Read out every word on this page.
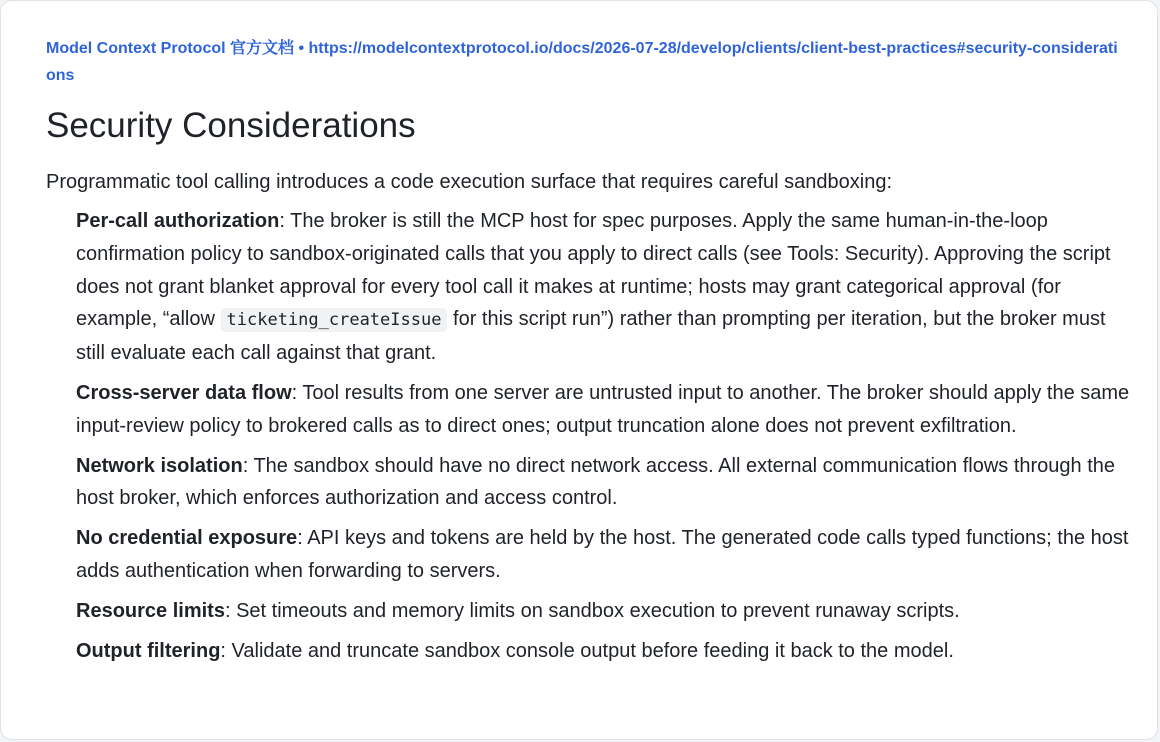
Model Context Protocol 官方文档 • https://modelcontextprotocol.io/docs/2026-07-28/develop/clients/client-best-practices#security-considerations
Security Considerations

Programmatic tool calling introduces a code execution surface that requires careful sandboxing:

Per-call authorization: The broker is still the MCP host for spec purposes. Apply the same human-in-the-loop confirmation policy to sandbox-originated calls that you apply to direct calls (see Tools: Security). Approving the script does not grant blanket approval for every tool call it makes at runtime; hosts may grant categorical approval (for example, “allow ticketing_createIssue for this script run”) rather than prompting per iteration, but the broker must still evaluate each call against that grant.
Cross-server data flow: Tool results from one server are untrusted input to another. The broker should apply the same input-review policy to brokered calls as to direct ones; output truncation alone does not prevent exfiltration.
Network isolation: The sandbox should have no direct network access. All external communication flows through the host broker, which enforces authorization and access control.
No credential exposure: API keys and tokens are held by the host. The generated code calls typed functions; the host adds authentication when forwarding to servers.
Resource limits: Set timeouts and memory limits on sandbox execution to prevent runaway scripts.
Output filtering: Validate and truncate sandbox console output before feeding it back to the model.
